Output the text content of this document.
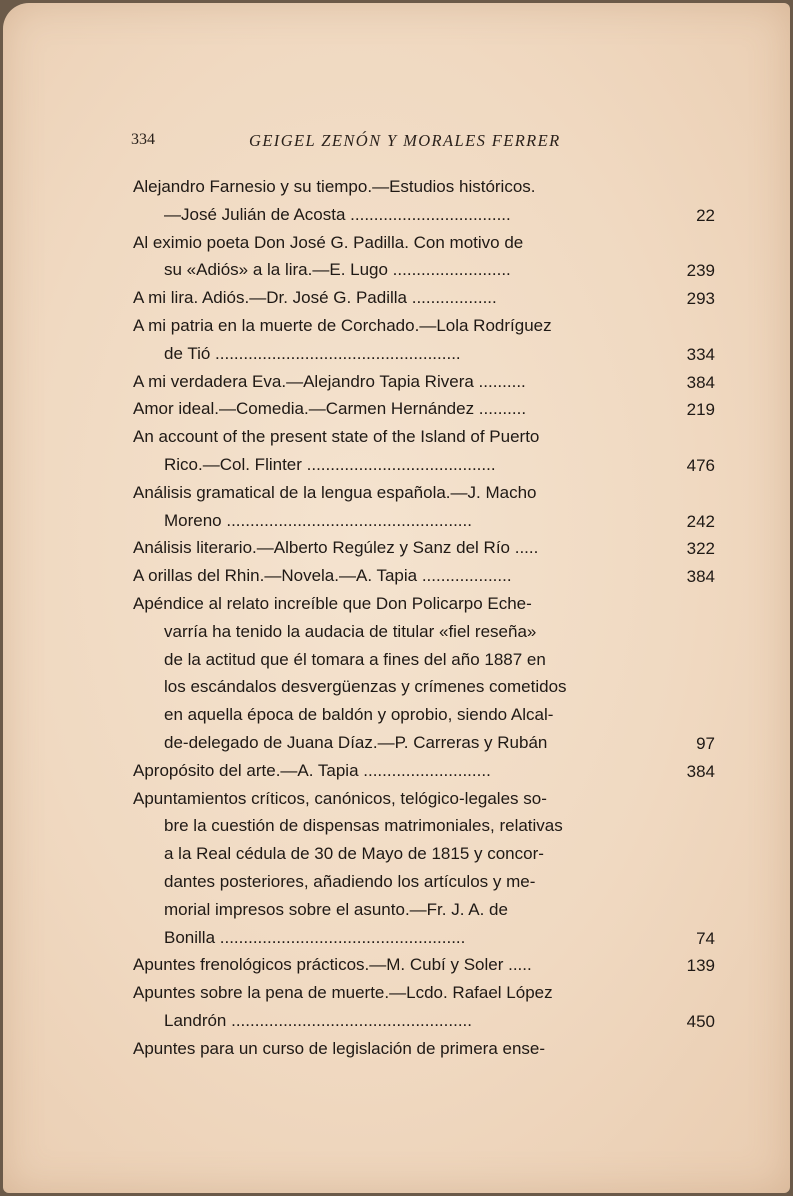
334	GEIGEL ZENÓN Y MORALES FERRER
Alejandro Farnesio y su tiempo.—Estudios históricos.
—José Julián de Acosta ..................................	22
Al eximio poeta Don José G. Padilla. Con motivo de
su «Adiós» a la lira.—E. Lugo .........................	239
A mi lira. Adiós.—Dr. José G. Padilla ..................	293
A mi patria en la muerte de Corchado.—Lola Rodríguez
de Tió ....................................................	334
A mi verdadera Eva.—Alejandro Tapia Rivera ..........	384
Amor ideal.—Comedia.—Carmen Hernández ..........	219
An account of the present state of the Island of Puerto
Rico.—Col. Flinter ........................................	476
Análisis gramatical de la lengua española.—J. Macho
Moreno ....................................................	242
Análisis literario.—Alberto Regúlez y Sanz del Río .....	322
A orillas del Rhin.—Novela.—A. Tapia ...................	384
Apéndice al relato increíble que Don Policarpo Eche-
varría ha tenido la audacia de titular «fiel reseña»
de la actitud que él tomara a fines del año 1887 en
los escándalos desvergüenzas y crímenes cometidos
en aquella época de baldón y oprobio, siendo Alcal-
de-delegado de Juana Díaz.—P. Carreras y Rubán	97
Apropósito del arte.—A. Tapia ...........................	384
Apuntamientos críticos, canónicos, telógico-legales so-
bre la cuestión de dispensas matrimoniales, relativas
a la Real cédula de 30 de Mayo de 1815 y concor-
dantes posteriores, añadiendo los artículos y me-
morial impresos sobre el asunto.—Fr. J. A. de
Bonilla ....................................................	74
Apuntes frenológicos prácticos.—M. Cubí y Soler .....	139
Apuntes sobre la pena de muerte.—Lcdo. Rafael López
Landrón ...................................................	450
Apuntes para un curso de legislación de primera ense-
